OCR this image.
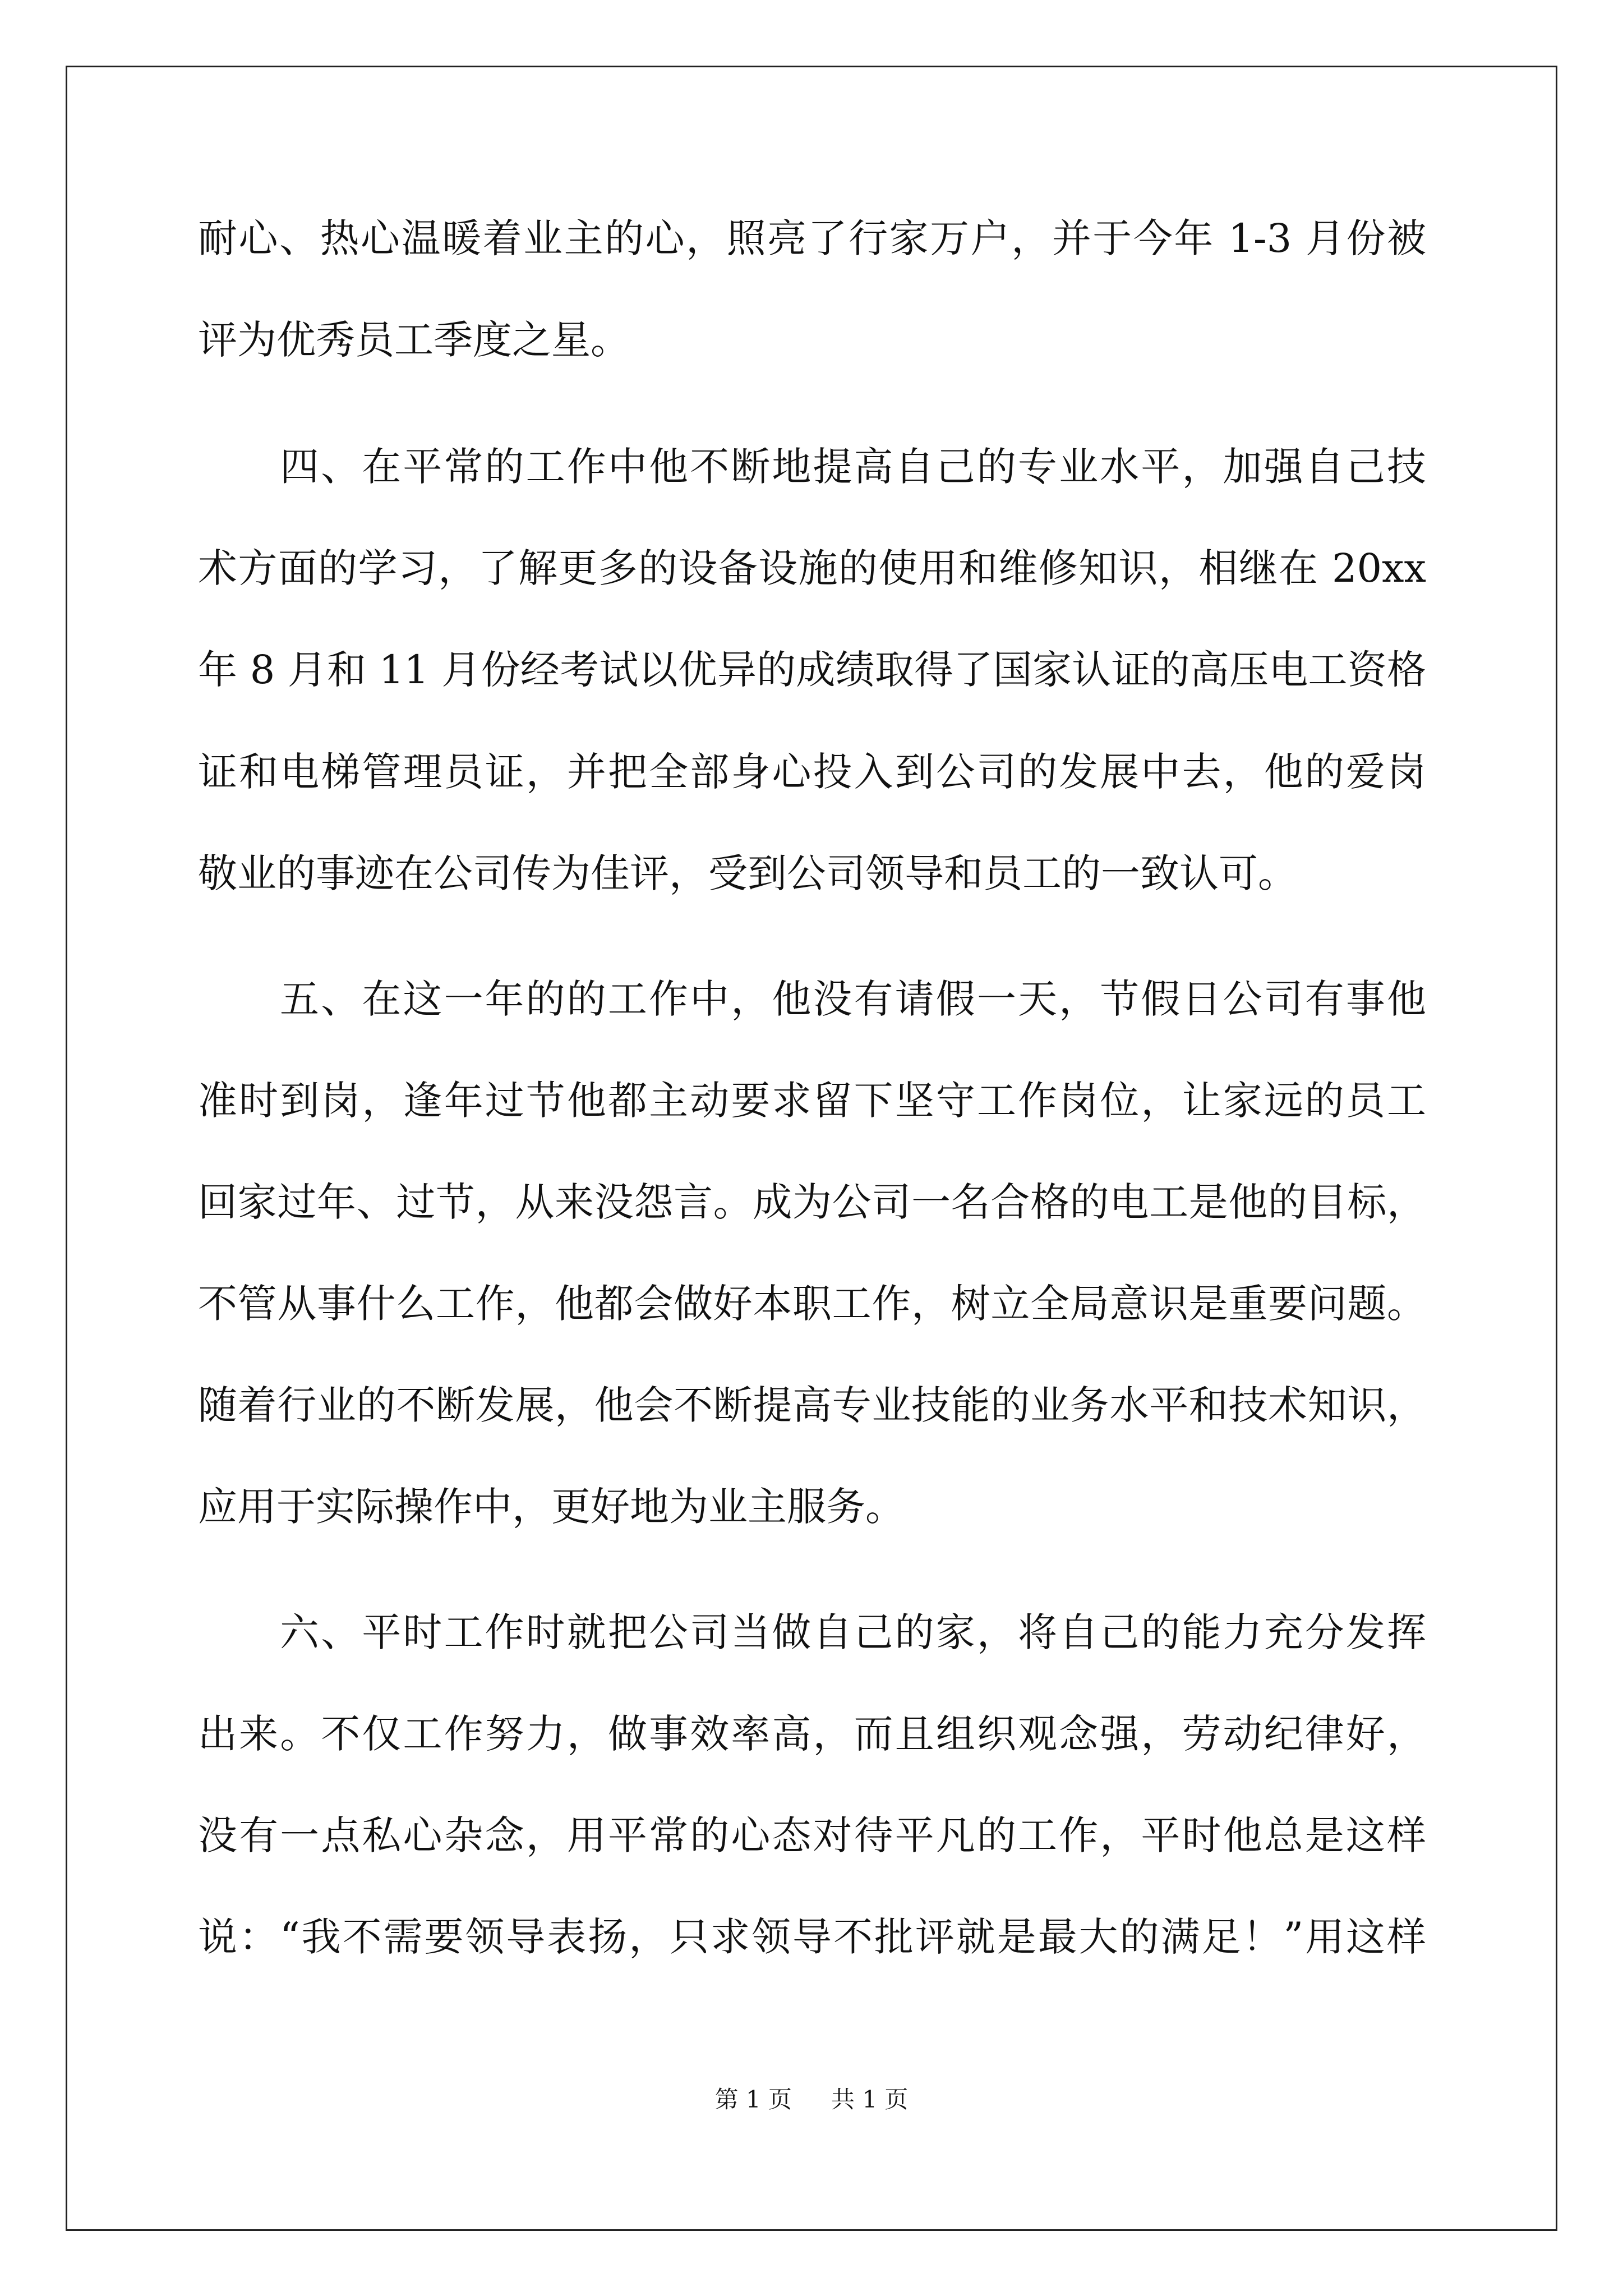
耐心、热心温暖着业主的心，照亮了行家万户，并于今年 1-3 月份被
评为优秀员工季度之星。
四、在平常的工作中他不断地提高自己的专业水平，加强自己技
术方面的学习，了解更多的设备设施的使用和维修知识，相继在 20xx
年 8 月和 11 月份经考试以优异的成绩取得了国家认证的高压电工资格
证和电梯管理员证，并把全部身心投入到公司的发展中去，他的爱岗
敬业的事迹在公司传为佳评，受到公司领导和员工的一致认可。
五、在这一年的的工作中，他没有请假一天，节假日公司有事他
准时到岗，逢年过节他都主动要求留下坚守工作岗位，让家远的员工
回家过年、过节，从来没怨言。成为公司一名合格的电工是他的目标，
不管从事什么工作，他都会做好本职工作，树立全局意识是重要问题。
随着行业的不断发展，他会不断提高专业技能的业务水平和技术知识，
应用于实际操作中，更好地为业主服务。
六、平时工作时就把公司当做自己的家，将自己的能力充分发挥
出来。不仅工作努力，做事效率高，而且组织观念强，劳动纪律好，
没有一点私心杂念，用平常的心态对待平凡的工作，平时他总是这样
说：“我不需要领导表扬，只求领导不批评就是最大的满足！”用这样
第 1 页 共 1 页
